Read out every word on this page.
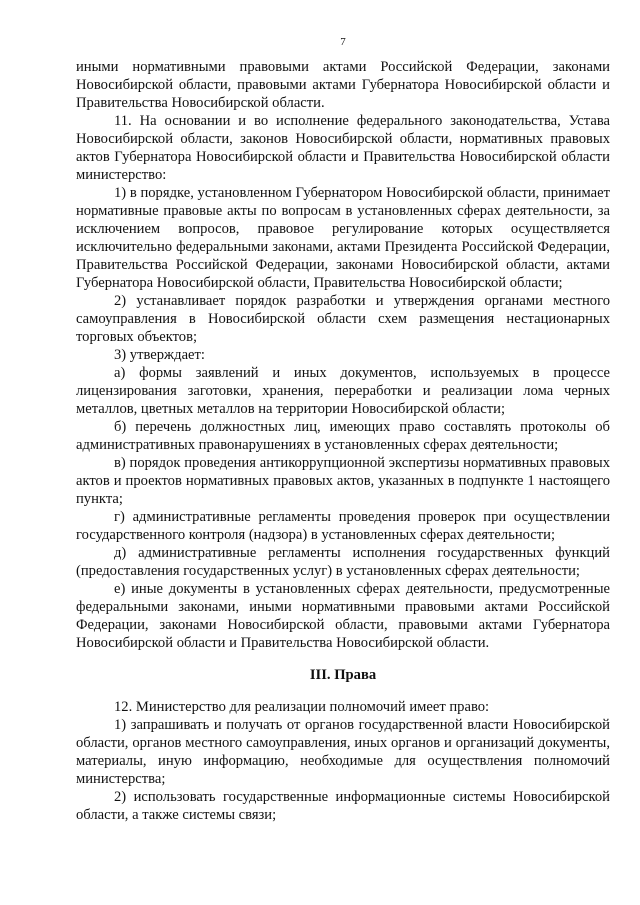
7

иными нормативными правовыми актами Российской Федерации, законами Новосибирской области, правовыми актами Губернатора Новосибирской области и Правительства Новосибирской области.

11. На основании и во исполнение федерального законодательства, Устава Новосибирской области, законов Новосибирской области, нормативных правовых актов Губернатора Новосибирской области и Правительства Новосибирской области министерство:

1) в порядке, установленном Губернатором Новосибирской области, принимает нормативные правовые акты по вопросам в установленных сферах деятельности, за исключением вопросов, правовое регулирование которых осуществляется исключительно федеральными законами, актами Президента Российской Федерации, Правительства Российской Федерации, законами Новосибирской области, актами Губернатора Новосибирской области, Правительства Новосибирской области;

2) устанавливает порядок разработки и утверждения органами местного самоуправления в Новосибирской области схем размещения нестационарных торговых объектов;

3) утверждает:

а) формы заявлений и иных документов, используемых в процессе лицензирования заготовки, хранения, переработки и реализации лома черных металлов, цветных металлов на территории Новосибирской области;

б) перечень должностных лиц, имеющих право составлять протоколы об административных правонарушениях в установленных сферах деятельности;

в) порядок проведения антикоррупционной экспертизы нормативных правовых актов и проектов нормативных правовых актов, указанных в подпункте 1 настоящего пункта;

г) административные регламенты проведения проверок при осуществлении государственного контроля (надзора) в установленных сферах деятельности;

д) административные регламенты исполнения государственных функций (предоставления государственных услуг) в установленных сферах деятельности;

е) иные документы в установленных сферах деятельности, предусмотренные федеральными законами, иными нормативными правовыми актами Российской Федерации, законами Новосибирской области, правовыми актами Губернатора Новосибирской области и Правительства Новосибирской области.

III. Права

12. Министерство для реализации полномочий имеет право:

1) запрашивать и получать от органов государственной власти Новосибирской области, органов местного самоуправления, иных органов и организаций документы, материалы, иную информацию, необходимые для осуществления полномочий министерства;

2) использовать государственные информационные системы Новосибирской области, а также системы связи;
